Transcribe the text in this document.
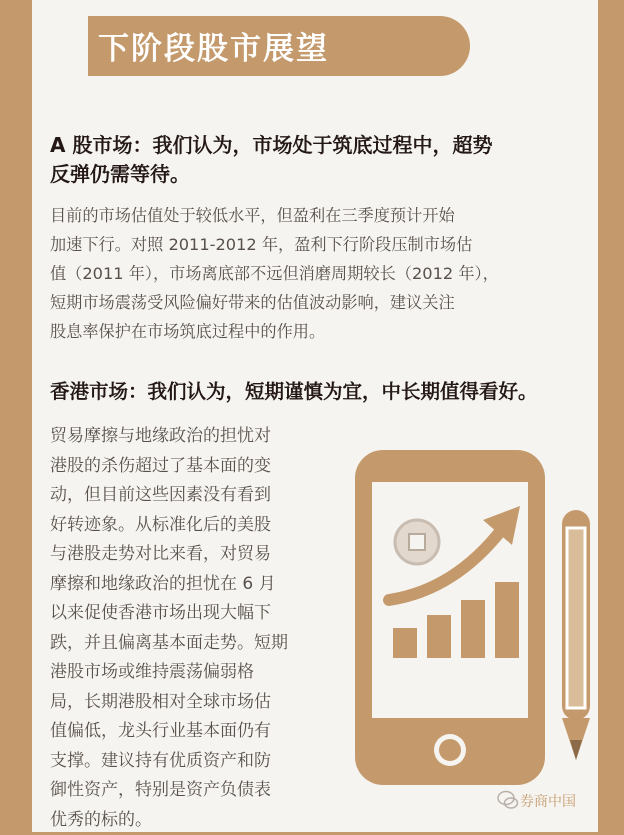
下阶段股市展望
A 股市场：我们认为，市场处于筑底过程中，超势
反弹仍需等待。

目前的市场估值处于较低水平，但盈利在三季度预计开始

加速下行。对照 2011-2012 年，盈利下行阶段压制市场估

值（2011 年），市场离底部不远但消磨周期较长（2012 年），

短期市场震荡受风险偏好带来的估值波动影响，建议关注

股息率保护在市场筑底过程中的作用。

香港市场：我们认为，短期谨慎为宜，中长期值得看好。

贸易摩擦与地缘政治的担忧对

港股的杀伤超过了基本面的变

动，但目前这些因素没有看到

好转迹象。从标准化后的美股

与港股走势对比来看，对贸易

摩擦和地缘政治的担忧在 6 月

以来促使香港市场出现大幅下

跌，并且偏离基本面走势。短期

港股市场或维持震荡偏弱格

局，长期港股相对全球市场估

值偏低，龙头行业基本面仍有

支撑。建议持有优质资产和防

御性资产，特别是资产负债表

优秀的标的。

券商中国
